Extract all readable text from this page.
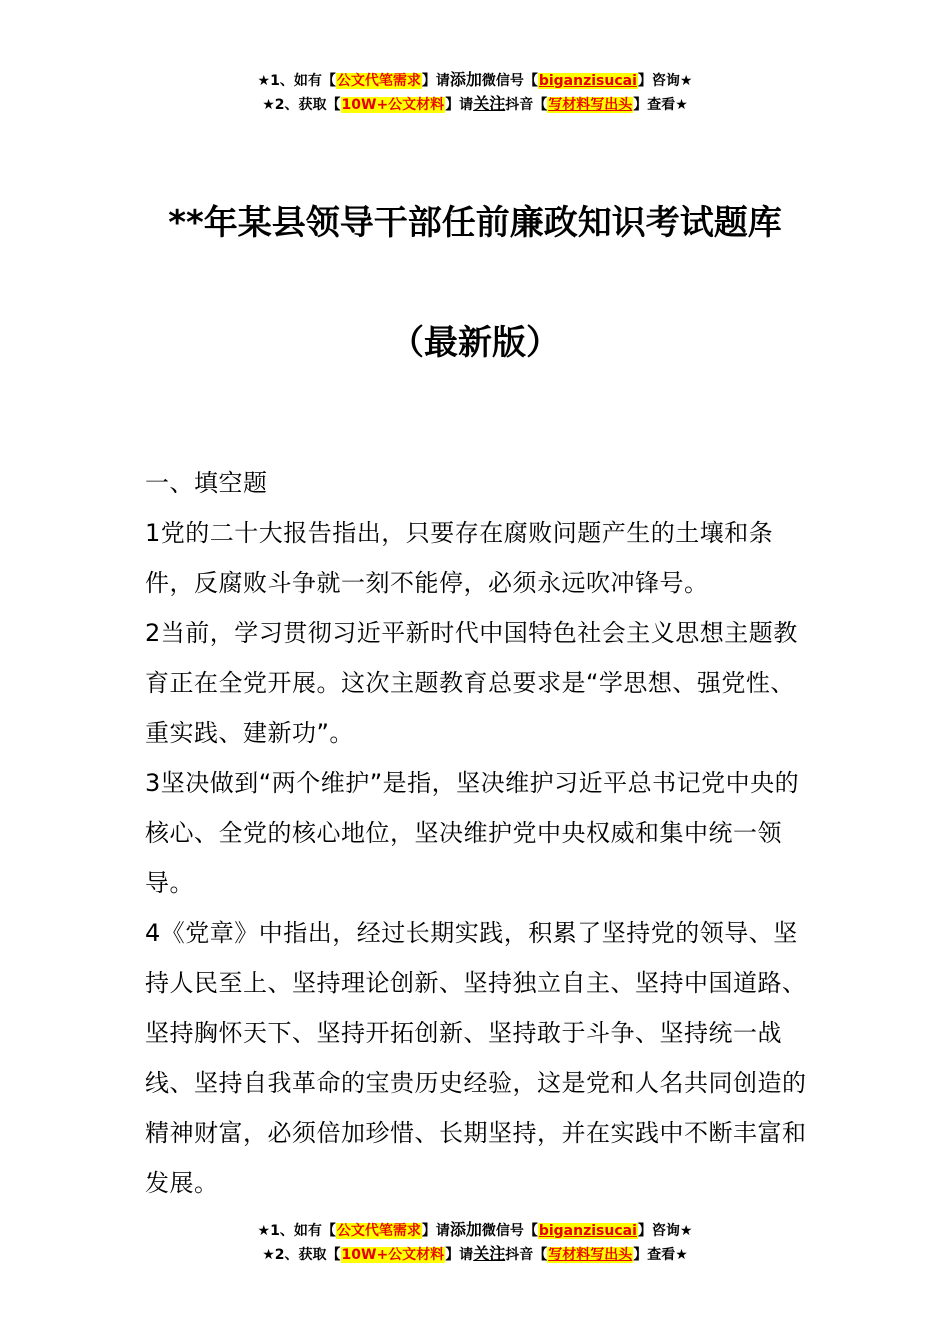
★1、如有【公文代笔需求】请添加微信号【biganzisucai】咨询★
★2、获取【10W+公文材料】请关注抖音【写材料写出头】查看★
**年某县领导干部任前廉政知识考试题库
（最新版）

一、填空题

1党的二十大报告指出，只要存在腐败问题产生的土壤和条件，反腐败斗争就一刻不能停，必须永远吹冲锋号。

2当前，学习贯彻习近平新时代中国特色社会主义思想主题教育正在全党开展。这次主题教育总要求是“学思想、强党性、重实践、建新功”。

3坚决做到“两个维护”是指，坚决维护习近平总书记党中央的核心、全党的核心地位，坚决维护党中央权威和集中统一领导。

4《党章》中指出，经过长期实践，积累了坚持党的领导、坚持人民至上、坚持理论创新、坚持独立自主、坚持中国道路、坚持胸怀天下、坚持开拓创新、坚持敢于斗争、坚持统一战线、坚持自我革命的宝贵历史经验，这是党和人名共同创造的精神财富，必须倍加珍惜、长期坚持，并在实践中不断丰富和发展。

★1、如有【公文代笔需求】请添加微信号【biganzisucai】咨询★
★2、获取【10W+公文材料】请关注抖音【写材料写出头】查看★
